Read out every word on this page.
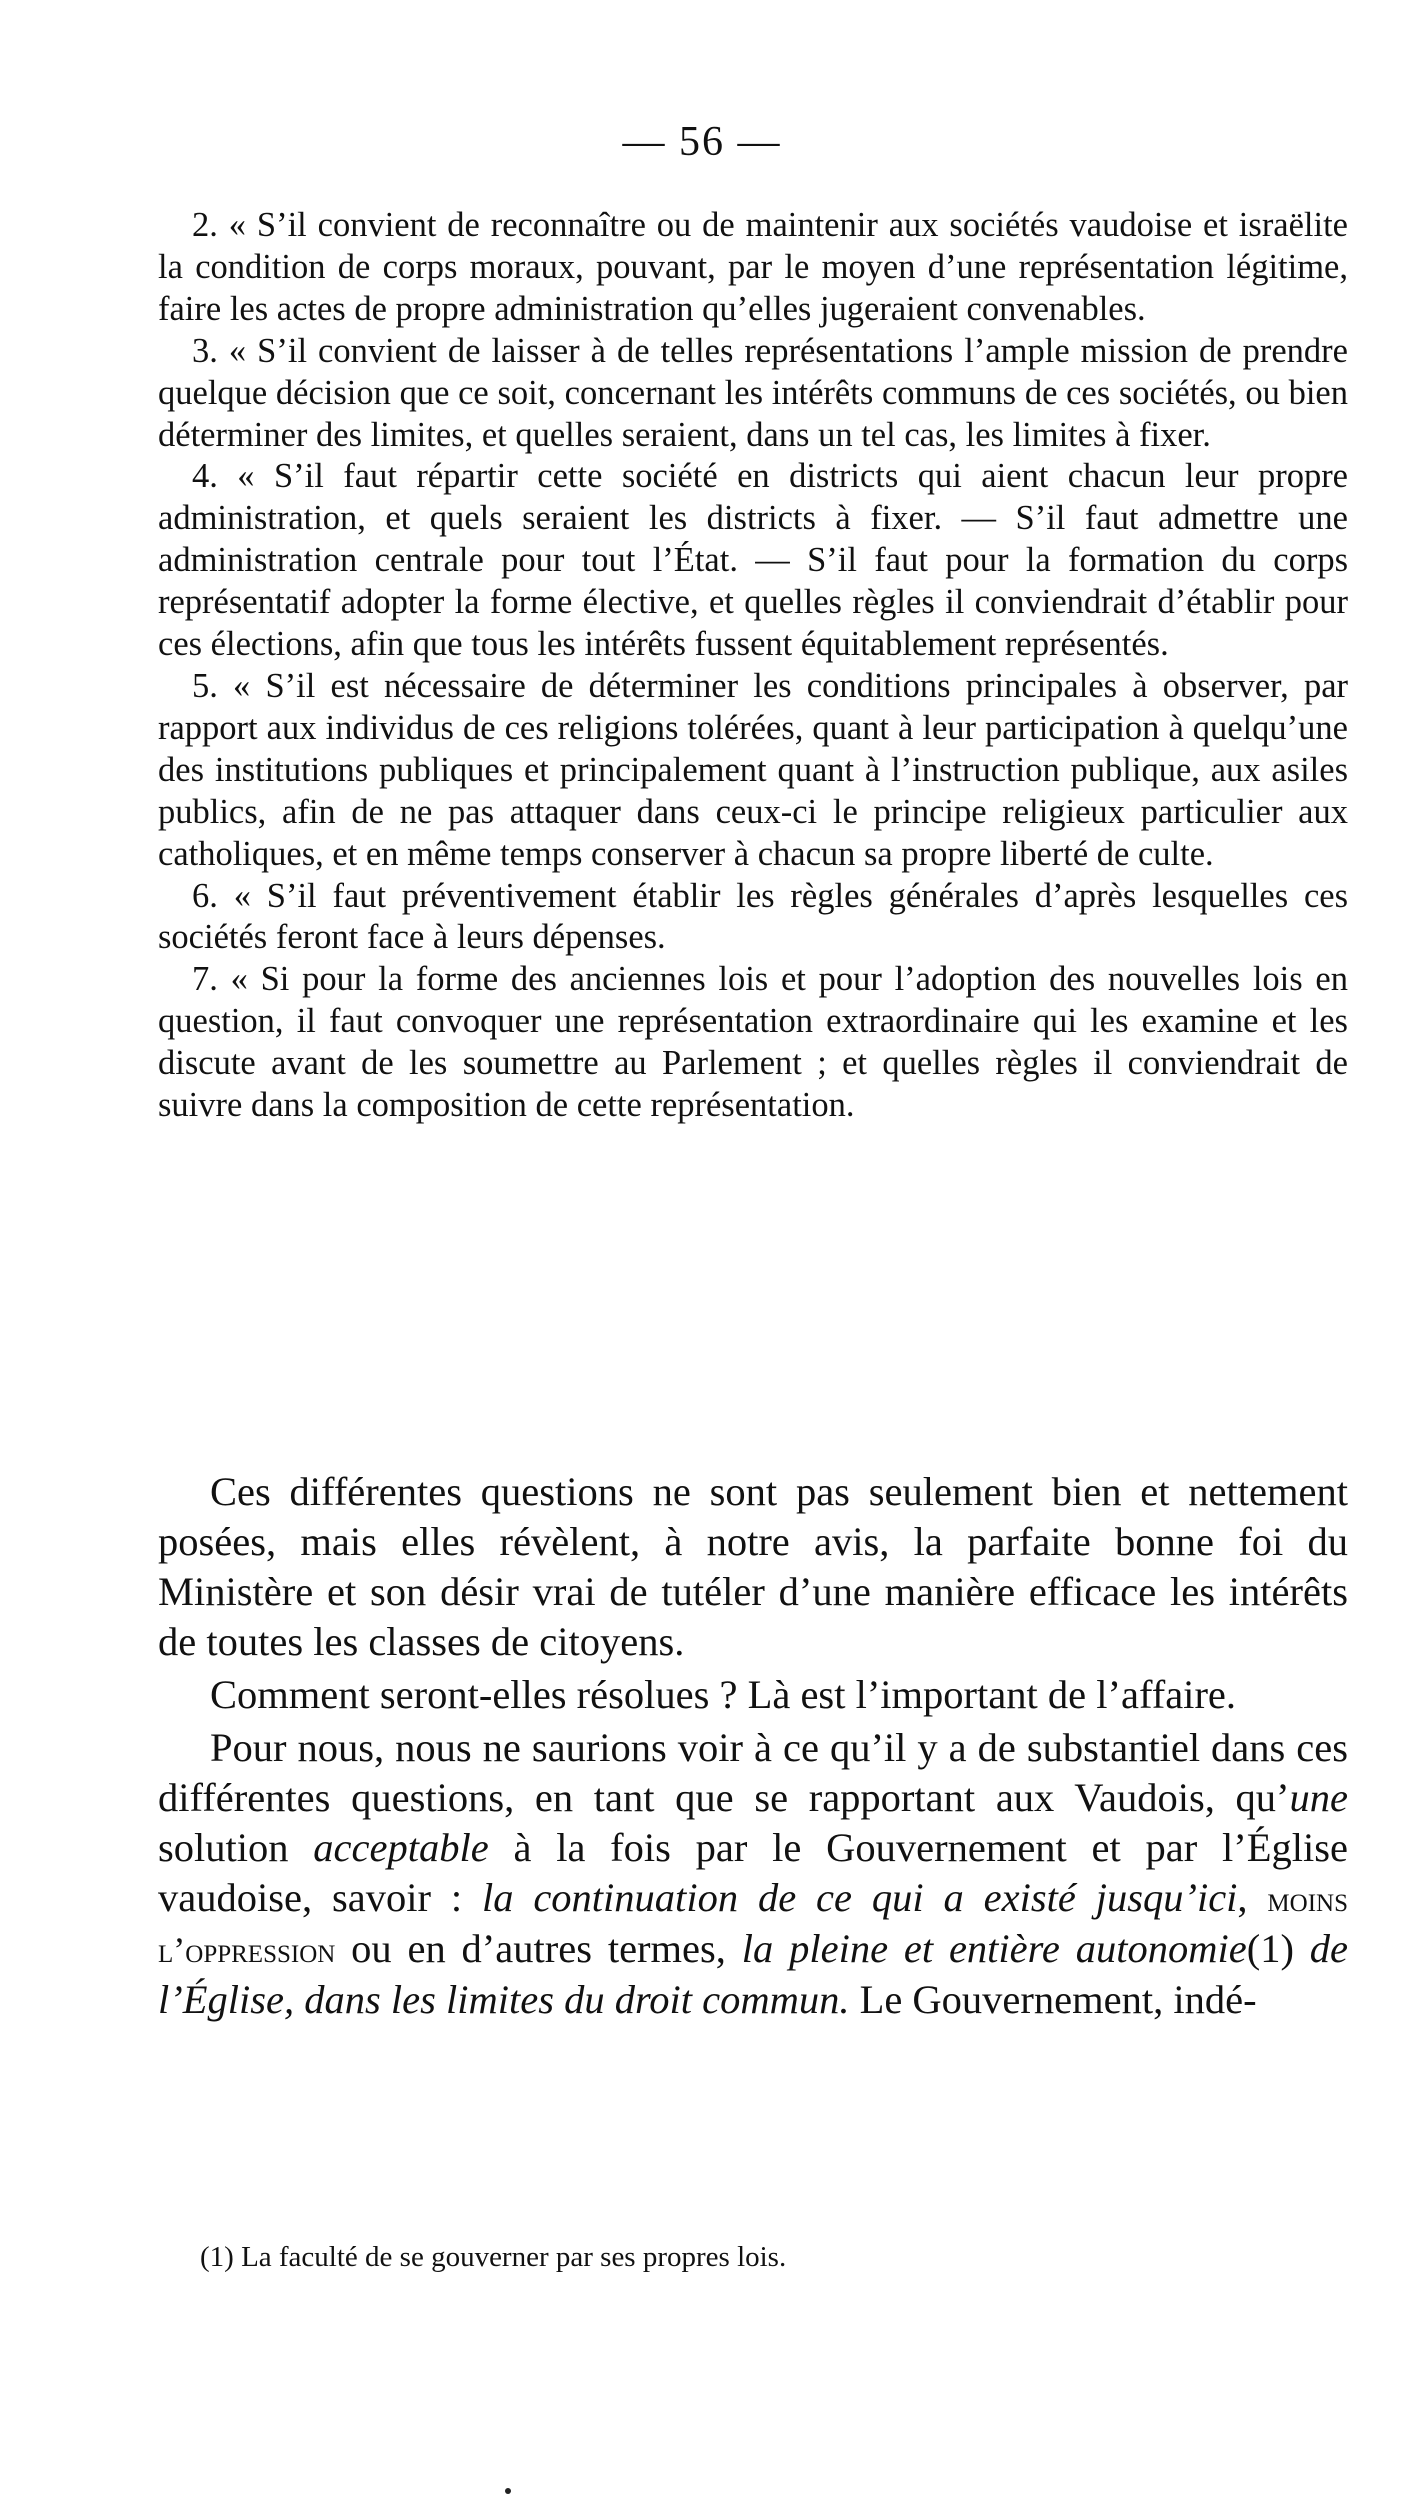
— 56 —

2. « S’il convient de reconnaître ou de maintenir aux sociétés vaudoise et israëlite la condition de corps moraux, pouvant, par le moyen d’une représentation légitime, faire les actes de propre administration qu’elles jugeraient convenables.

3. « S’il convient de laisser à de telles représentations l’ample mission de prendre quelque décision que ce soit, concernant les intérêts communs de ces sociétés, ou bien déterminer des limites, et quelles seraient, dans un tel cas, les limites à fixer.

4. « S’il faut répartir cette société en districts qui aient chacun leur propre administration, et quels seraient les districts à fixer. — S’il faut admettre une administration centrale pour tout l’État. — S’il faut pour la formation du corps représentatif adopter la forme élective, et quelles règles il conviendrait d’établir pour ces élections, afin que tous les intérêts fussent équitablement représentés.

5. « S’il est nécessaire de déterminer les conditions principales à observer, par rapport aux individus de ces religions tolérées, quant à leur participation à quelqu’une des institutions publiques et principalement quant à l’instruction publique, aux asiles publics, afin de ne pas attaquer dans ceux-ci le principe religieux particulier aux catholiques, et en même temps conserver à chacun sa propre liberté de culte.

6. « S’il faut préventivement établir les règles générales d’après lesquelles ces sociétés feront face à leurs dépenses.

7. « Si pour la forme des anciennes lois et pour l’adoption des nouvelles lois en question, il faut convoquer une représentation extraordinaire qui les examine et les discute avant de les soumettre au Parlement ; et quelles règles il conviendrait de suivre dans la composition de cette représentation.

Ces différentes questions ne sont pas seulement bien et nettement posées, mais elles révèlent, à notre avis, la parfaite bonne foi du Ministère et son désir vrai de tutéler d’une manière efficace les intérêts de toutes les classes de citoyens.

Comment seront-elles résolues ? Là est l’important de l’affaire.

Pour nous, nous ne saurions voir à ce qu’il y a de substantiel dans ces différentes questions, en tant que se rapportant aux Vaudois, qu’une solution acceptable à la fois par le Gouvernement et par l’Église vaudoise, savoir : la continuation de ce qui a existé jusqu’ici, moins l’oppression ou en d’autres termes, la pleine et entière autonomie(1) de l’Église, dans les limites du droit commun. Le Gouvernement, indé-

(1) La faculté de se gouverner par ses propres lois.
